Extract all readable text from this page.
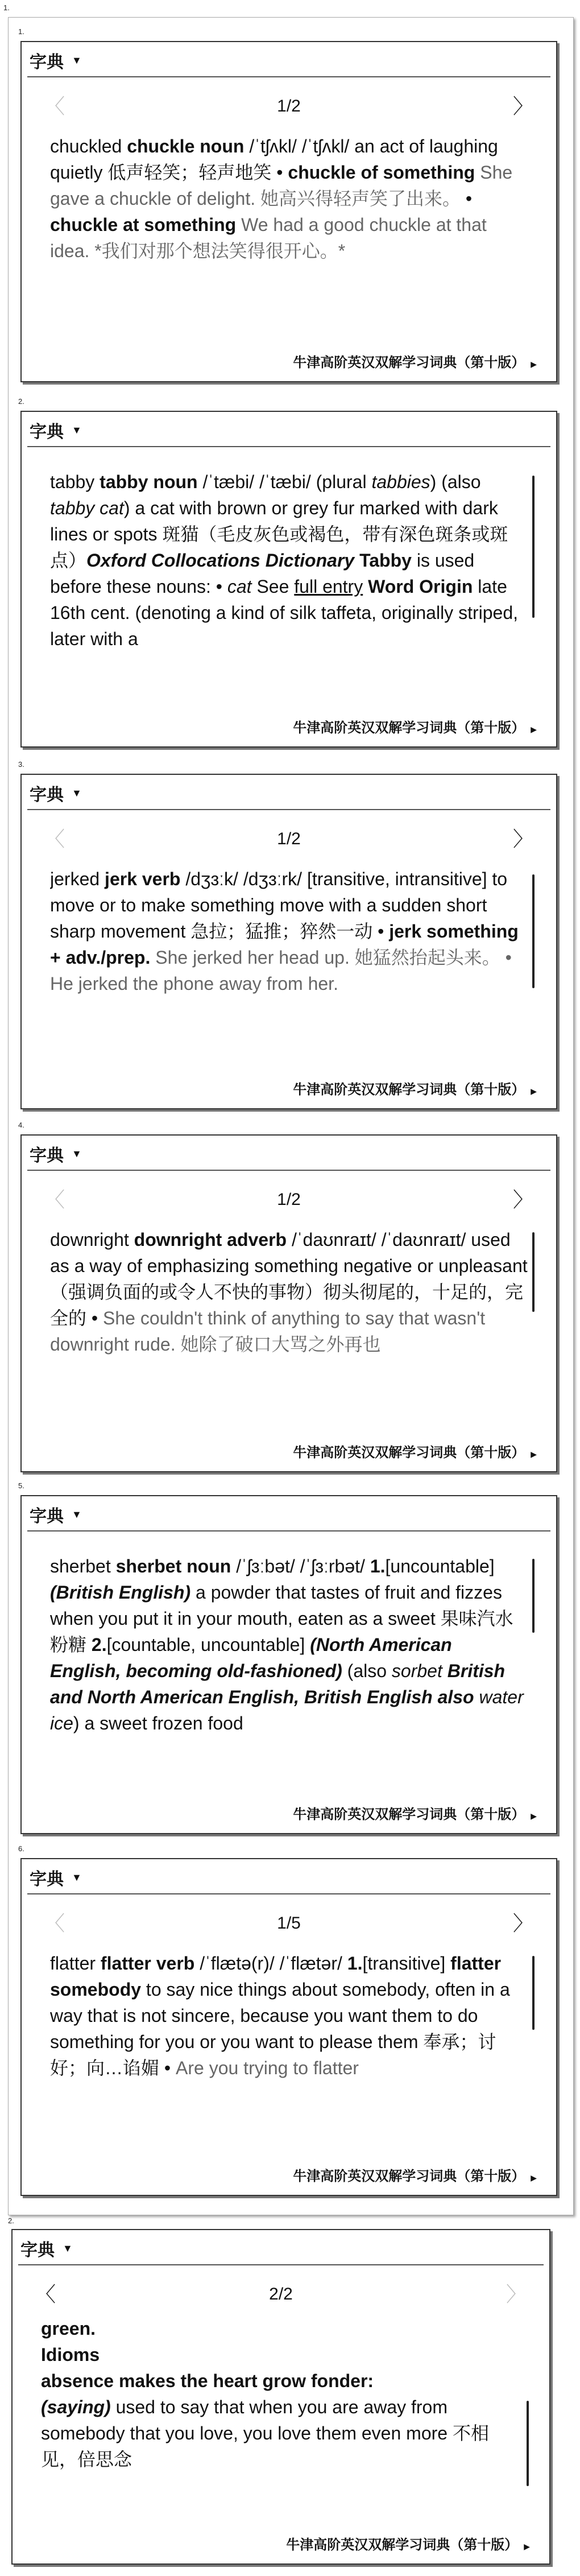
1.
2.
1.
字典 ▼
〈	1/2	〉
chuckled chuckle noun /ˈtʃʌkl/ /ˈtʃʌkl/ an act of laughing quietly 低声轻笑；轻声地笑 • chuckle of something She gave a chuckle of delight. 她高兴得轻声笑了出来。 • chuckle at something We had a good chuckle at that idea. *我们对那个想法笑得很开心。*
牛津高阶英汉双解学习词典（第十版） ▶
2.
字典 ▼
tabby tabby noun /ˈtæbi/ /ˈtæbi/ (plural tabbies) (also tabby cat) a cat with brown or grey fur marked with dark lines or spots 斑猫（毛皮灰色或褐色，带有深色斑条或斑点）Oxford Collocations Dictionary Tabby is used before these nouns: • cat See full entry Word Origin late 16th cent. (denoting a kind of silk taffeta, originally striped, later with a
牛津高阶英汉双解学习词典（第十版） ▶
3.
字典 ▼
〈	1/2	〉
jerked jerk verb /dʒɜːk/ /dʒɜːrk/ [transitive, intransitive] to move or to make something move with a sudden short sharp movement 急拉；猛推；猝然一动 • jerk something + adv./prep. She jerked her head up. 她猛然抬起头来。 • He jerked the phone away from her.
牛津高阶英汉双解学习词典（第十版） ▶
4.
字典 ▼
〈	1/2	〉
downright downright adverb /ˈdaʊnraɪt/ /ˈdaʊnraɪt/ used as a way of emphasizing something negative or unpleasant （强调负面的或令人不快的事物）彻头彻尾的，十足的，完全的 • She couldn't think of anything to say that wasn't downright rude. 她除了破口大骂之外再也
牛津高阶英汉双解学习词典（第十版） ▶
5.
字典 ▼
sherbet sherbet noun /ˈʃɜːbət/ /ˈʃɜːrbət/ 1.[uncountable] (British English) a powder that tastes of fruit and fizzes when you put it in your mouth, eaten as a sweet 果味汽水粉糖 2.[countable, uncountable] (North American English, becoming old-fashioned) (also sorbet British and North American English, British English also water ice) a sweet frozen food
牛津高阶英汉双解学习词典（第十版） ▶
6.
字典 ▼
〈	1/5	〉
flatter flatter verb /ˈflætə(r)/ /ˈflætər/ 1.[transitive] flatter somebody to say nice things about somebody, often in a way that is not sincere, because you want them to do something for you or you want to please them 奉承；讨好；向…谄媚 • Are you trying to flatter
牛津高阶英汉双解学习词典（第十版） ▶
字典 ▼
〈	2/2	〉
green.
Idioms
absence makes the heart grow fonder:
(saying) used to say that when you are away from somebody that you love, you love them even more 不相见，倍思念
牛津高阶英汉双解学习词典（第十版） ▶
